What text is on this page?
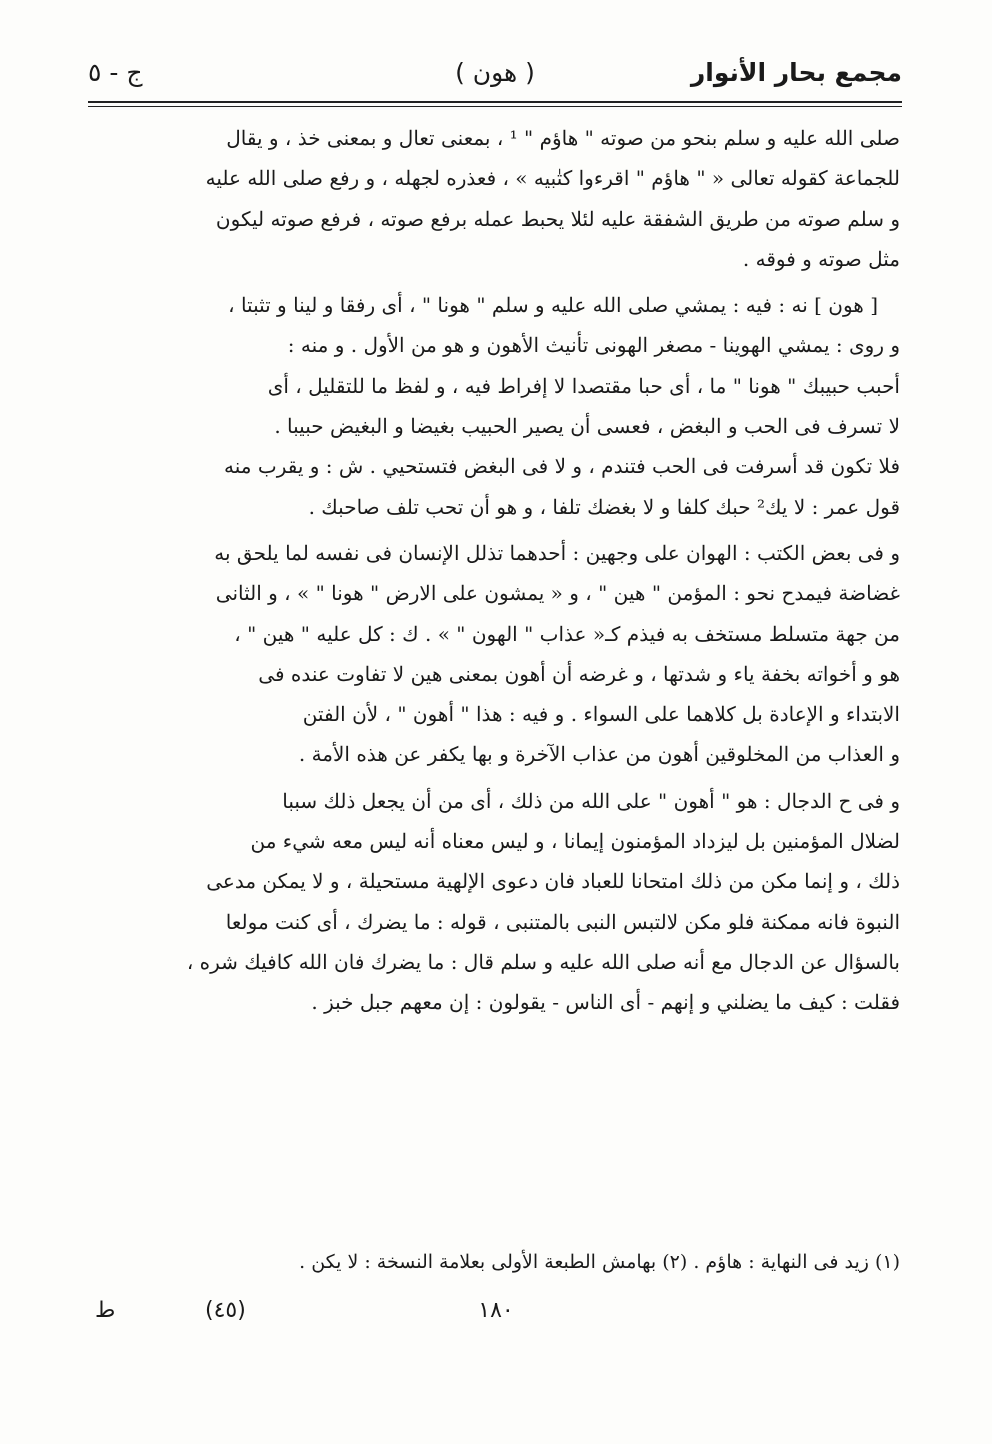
مجمع بحار الأنوار
( هون )
ج - ٥
صلى الله عليه و سلم بنحو من صوته " هاؤم " ¹ ، بمعنى تعال و بمعنى خذ ، و يقال
للجماعة كقوله تعالى « " هاؤم " اقرءوا كتٰبيه » ، فعذره لجهله ، و رفع صلى الله عليه
و سلم صوته من طريق الشفقة عليه لئلا يحبط عمله برفع صوته ، فرفع صوته ليكون
مثل صوته و فوقه .
[ هون ] نه : فيه : يمشي صلى الله عليه و سلم " هونا " ، أى رفقا و لينا و تثبتا ،
و روى : يمشي الهوينا - مصغر الهونى تأنيث الأهون و هو من الأول . و منه :
أحبب حبيبك " هونا " ما ، أى حبا مقتصدا لا إفراط فيه ، و لفظ ما للتقليل ، أى
لا تسرف فى الحب و البغض ، فعسى أن يصير الحبيب بغيضا و البغيض حبيبا .
فلا تكون قد أسرفت فى الحب فتندم ، و لا فى البغض فتستحيي . ش : و يقرب منه
قول عمر : لا يك² حبك كلفا و لا بغضك تلفا ، و هو أن تحب تلف صاحبك .
و فى بعض الكتب : الهوان على وجهين : أحدهما تذلل الإنسان فى نفسه لما يلحق به
غضاضة فيمدح نحو : المؤمن " هين " ، و « يمشون على الارض " هونا " » ، و الثانى
من جهة متسلط مستخف به فيذم كـ« عذاب " الهون " » . ك : كل عليه " هين " ،
هو و أخواته بخفة ياء و شدتها ، و غرضه أن أهون بمعنى هين لا تفاوت عنده فى
الابتداء و الإعادة بل كلاهما على السواء . و فيه : هذا " أهون " ، لأن الفتن
و العذاب من المخلوقين أهون من عذاب الآخرة و بها يكفر عن هذه الأمة .
و فى ح الدجال : هو " أهون " على الله من ذلك ، أى من أن يجعل ذلك سببا
لضلال المؤمنين بل ليزداد المؤمنون إيمانا ، و ليس معناه أنه ليس معه شيء من
ذلك ، و إنما مكن من ذلك امتحانا للعباد فان دعوى الإلهية مستحيلة ، و لا يمكن مدعى
النبوة فانه ممكنة فلو مكن لالتبس النبى بالمتنبى ، قوله : ما يضرك ، أى كنت مولعا
بالسؤال عن الدجال مع أنه صلى الله عليه و سلم قال : ما يضرك فان الله كافيك شره ،
فقلت : كيف ما يضلني و إنهم - أى الناس - يقولون : إن معهم جبل خبز .
(١) زيد فى النهاية : هاؤم . (٢) بهامش الطبعة الأولى بعلامة النسخة : لا يكن .
١٨٠
(٤٥)
ط
